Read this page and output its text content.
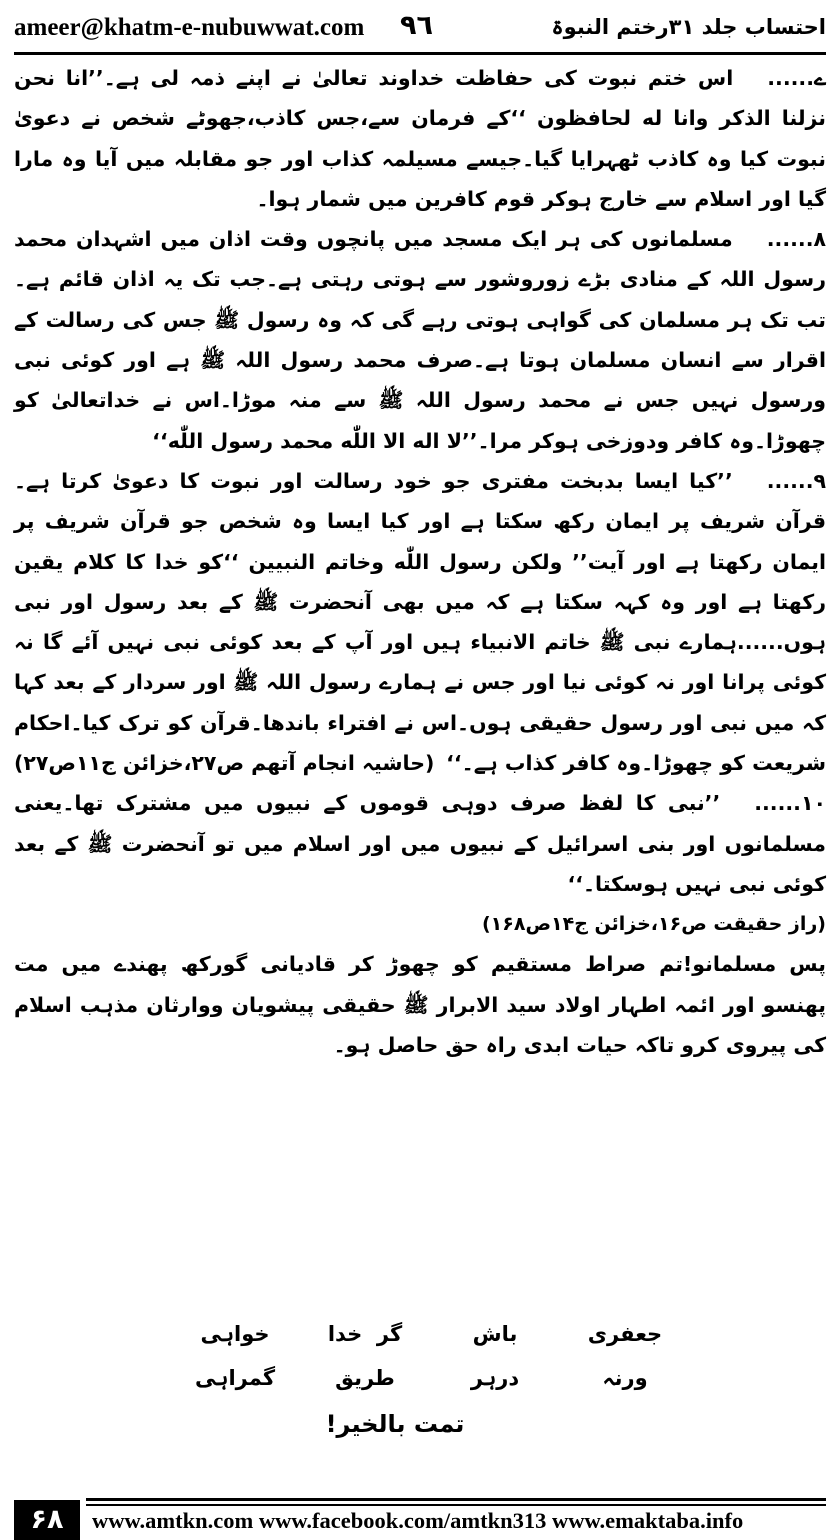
ameer@khatm-e-nubuwwat.com ٩٦	احتساب جلد ۳۱رختم النبوۃ

ے......اس ختم نبوت کی حفاظت خداوند تعالیٰ نے اپنے ذمہ لی ہے۔’’انا نحن نزلنا الذکر وانا له لحافظون ‘‘کے فرمان سے،جس کاذب،جھوٹے شخص نے دعویٰ نبوت کیا وہ کاذب ٹھہرایا گیا۔جیسے مسیلمہ کذاب اور جو مقابلہ میں آیا وہ مارا گیا اور اسلام سے خارج ہوکر قوم کافرین میں شمار ہوا۔

۸......مسلمانوں کی ہر ایک مسجد میں پانچوں وقت اذان میں اشہدان محمد رسول اللہ کے منادی بڑے زوروشور سے ہوتی رہتی ہے۔جب تک یہ اذان قائم ہے۔تب تک ہر مسلمان کی گواہی ہوتی رہے گی کہ وہ رسول ﷺ جس کی رسالت کے اقرار سے انسان مسلمان ہوتا ہے۔صرف محمد رسول اللہ ﷺ ہے اور کوئی نبی ورسول نہیں جس نے محمد رسول اللہ ﷺ سے منہ موڑا۔اس نے خداتعالیٰ کو چھوڑا۔وہ کافر ودوزخی ہوکر مرا۔’’لا اله الا اللّٰه محمد رسول اللّٰه‘‘

۹......’’کیا ایسا بدبخت مفتری جو خود رسالت اور نبوت کا دعویٰ کرتا ہے۔قرآن شریف پر ایمان رکھ سکتا ہے اور کیا ایسا وہ شخص جو قرآن شریف پر ایمان رکھتا ہے اور آیت’’ ولکن رسول اللّٰه وخاتم النبیین ‘‘کو خدا کا کلام یقین رکھتا ہے اور وہ کہہ سکتا ہے کہ میں بھی آنحضرت ﷺ کے بعد رسول اور نبی ہوں......ہمارے نبی ﷺ خاتم الانبیاء ہیں اور آپ کے بعد کوئی نبی نہیں آئے گا نہ کوئی پرانا اور نہ کوئی نیا اور جس نے ہمارے رسول اللہ ﷺ اور سردار کے بعد کہا کہ میں نبی اور رسول حقیقی ہوں۔اس نے افتراء باندھا۔قرآن کو ترک کیا۔احکام شریعت کو چھوڑا۔وہ کافر کذاب ہے۔‘‘
(حاشیہ انجام آتھم ص۲۷،خزائن ج۱۱ص۲۷)

۱۰......’’نبی کا لفظ صرف دوہی قوموں کے نبیوں میں مشترک تھا۔یعنی مسلمانوں اور بنی اسرائیل کے نبیوں میں اور اسلام میں تو آنحضرت ﷺ کے بعد کوئی نبی نہیں ہوسکتا۔‘‘

(راز حقیقت ص۱۶،خزائن ج۱۴ص۱۶۸)

پس مسلمانو!تم صراط مستقیم کو چھوڑ کر قادیانی گورکھ پھندے میں مت پھنسو اور ائمہ اطہار اولاد سید الابرار ﷺ حقیقی پیشویان ووارثان مذہب اسلام کی پیروی کرو تاکہ حیات ابدی راہ حق حاصل ہو۔

جعفری
باش
گر  خدا
خواہی
ورنہ
درہر
طریق
گمراہی
تمت بالخیر!
۶۸	www.amtkn.com www.facebook.com/amtkn313 www.emaktaba.info
